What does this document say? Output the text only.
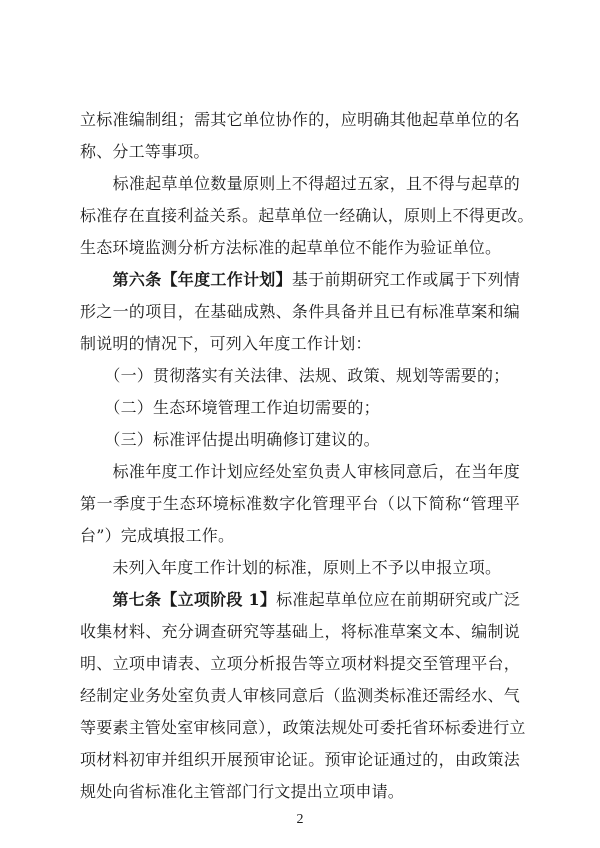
立标准编制组；需其它单位协作的，应明确其他起草单位的名
称、分工等事项。
　　标准起草单位数量原则上不得超过五家，且不得与起草的
标准存在直接利益关系。起草单位一经确认，原则上不得更改。
生态环境监测分析方法标准的起草单位不能作为验证单位。
　　第六条【年度工作计划】基于前期研究工作或属于下列情
形之一的项目，在基础成熟、条件具备并且已有标准草案和编
制说明的情况下，可列入年度工作计划：
　　（一）贯彻落实有关法律、法规、政策、规划等需要的；
　　（二）生态环境管理工作迫切需要的；
　　（三）标准评估提出明确修订建议的。
　　标准年度工作计划应经处室负责人审核同意后，在当年度
第一季度于生态环境标准数字化管理平台（以下简称“管理平
台”）完成填报工作。
　　未列入年度工作计划的标准，原则上不予以申报立项。
　　第七条【立项阶段 1】标准起草单位应在前期研究或广泛
收集材料、充分调查研究等基础上，将标准草案文本、编制说
明、立项申请表、立项分析报告等立项材料提交至管理平台，
经制定业务处室负责人审核同意后（监测类标准还需经水、气
等要素主管处室审核同意），政策法规处可委托省环标委进行立
项材料初审并组织开展预审论证。预审论证通过的，由政策法
规处向省标准化主管部门行文提出立项申请。
2
